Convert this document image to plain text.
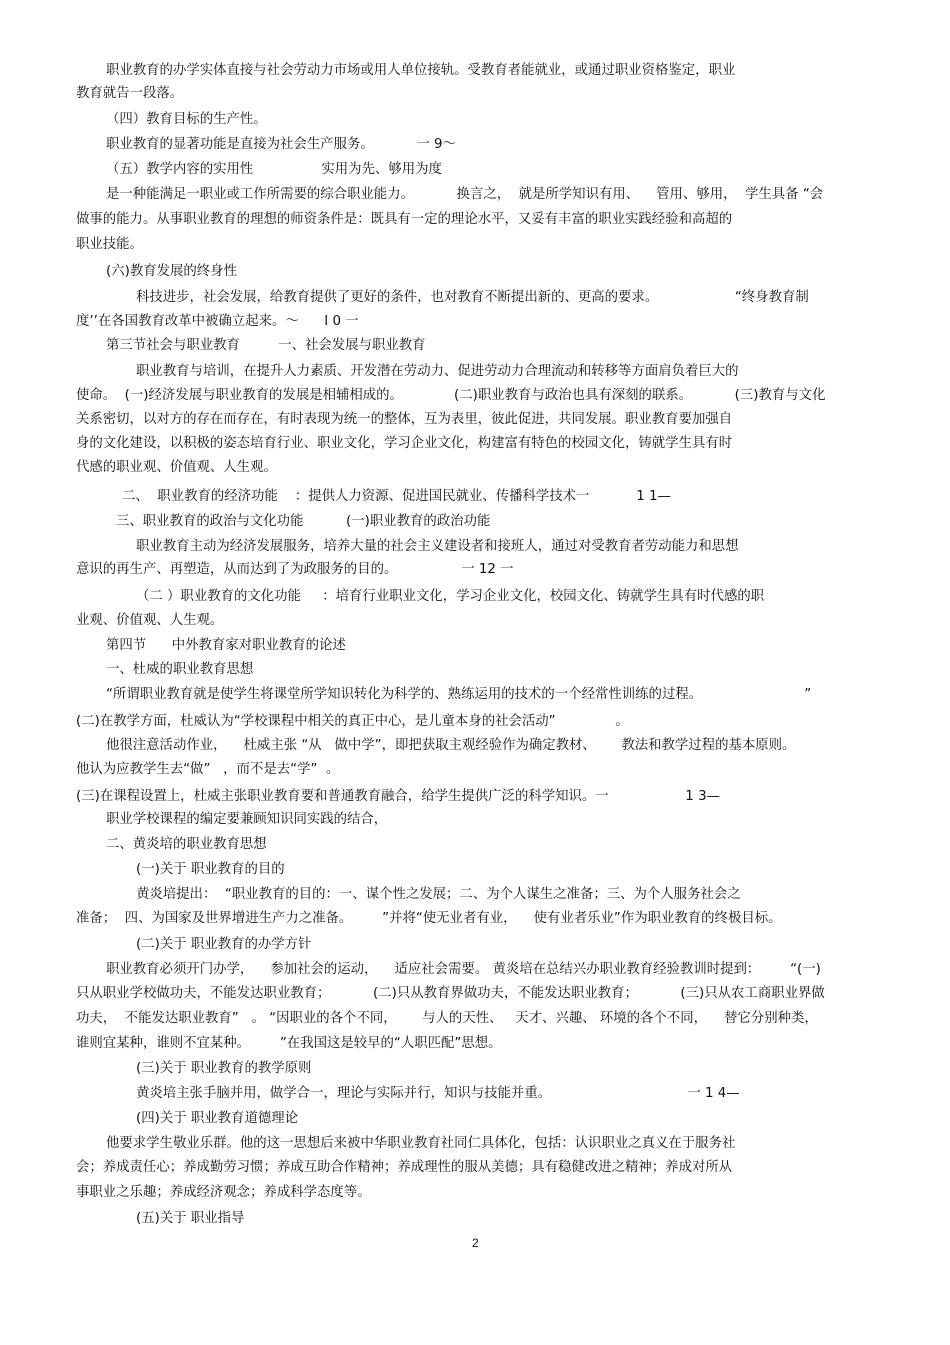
职业教育的办学实体直接与社会劳动力市场或用人单位接轨。受教育者能就业，或通过职业资格鉴定，职业
教育就告一段落。
（四）教育目标的生产性。
职业教育的显著功能是直接为社会生产服务。          一 9～
（五）教学内容的实用性                实用为先、够用为度
是一种能满足一职业或工作所需要的综合职业能力。          换言之，  就是所学知识有用、    管用、够用，  学生具备 “会
做事的能力。从事职业教育的理想的师资条件是：既具有一定的理论水平，又妥有丰富的职业实践经验和高超的
职业技能。
(六)教育发展的终身性
科技进步，社会发展，给教育提供了更好的条件，也对教育不断提出新的、更高的要求。                  “终身教育制
度’’在各国教育改革中被确立起来。～      I 0 一
第三节社会与职业教育         一、社会发展与职业教育
职业教育与培训，在提升人力素质、开发潜在劳动力、促进劳动力合理流动和转移等方面肩负着巨大的
使命。  (一)经济发展与职业教育的发展是相辅相成的。            (二)职业教育与政治也具有深刻的联系。          (三)教育与文化
关系密切，以对方的存在而存在，有时表现为统一的整体，互为表里，彼此促进，共同发展。职业教育要加强自
身的文化建设，以积极的姿态培育行业、职业文化，学习企业文化，构建富有特色的校园文化，铸就学生具有时
代感的职业观、价值观、人生观。
二、  职业教育的经济功能    ：提供人力资源、促进国民就业、传播科学技术一           1 1—
三、职业教育的政治与文化功能          (一)职业教育的政治功能
职业教育主动为经济发展服务，培养大量的社会主义建设者和接班人，通过对受教育者劳动能力和思想
意识的再生产、再塑造，从而达到了为政服务的目的。               一 12 一
（二 ）职业教育的文化功能     ：培育行业职业文化，学习企业文化，校园文化、铸就学生具有时代感的职
业观、价值观、人生观。
第四节      中外教育家对职业教育的论述
一、杜威的职业教育思想
“所谓职业教育就是使学生将课堂所学知识转化为科学的、熟练运用的技术的一个经常性训练的过程。                        ”
(二)在教学方面，杜威认为“学校课程中相关的真正中心，是儿童本身的社会活动”              。
他很注意活动作业，    杜威主张 “从   做中学”，即把获取主观经验作为确定教材、      教法和教学过程的基本原则。
他认为应教学生去“做”   ，而不是去“学”  。
(三)在课程设置上，杜威主张职业教育要和普通教育融合，给学生提供广泛的科学知识。一                  1 3—
职业学校课程的编定要兼顾知识同实践的结合，
二、黄炎培的职业教育思想
(一)关于 职业教育的目的
黄炎培提出：  “职业教育的目的：一、谋个性之发展；二、为个人谋生之准备；三、为个人服务社会之
准备；  四、为国家及世界增进生产力之准备。       ”并将“使无业者有业，    使有业者乐业”作为职业教育的终极目标。
(二)关于 职业教育的办学方针
职业教育必须开门办学，    参加社会的运动，    适应社会需要。 黄炎培在总结兴办职业教育经验教训时提到：       “(一)
只从职业学校做功夫，不能发达职业教育；          (二)只从教育界做功夫，不能发达职业教育；          (三)只从农工商职业界做
功夫，  不能发达职业教育”   。 “因职业的各个不同，      与人的天性、   天才、兴趣、 环境的各个不同，    替它分别种类，
谁则宜某种，谁则不宜某种。       ”在我国这是较早的“人职匹配”思想。
(三)关于 职业教育的教学原则
黄炎培主张手脑并用，做学合一，理论与实际并行，知识与技能并重。                                一 1 4—
(四)关于 职业教育道德理论
他要求学生敬业乐群。他的这一思想后来被中华职业教育社同仁具体化，包括：认识职业之真义在于服务社
会；养成责任心；养成勤劳习惯；养成互助合作精神；养成理性的服从美德；具有稳健改进之精神；养成对所从
事职业之乐趣；养成经济观念；养成科学态度等。
(五)关于 职业指导
2
